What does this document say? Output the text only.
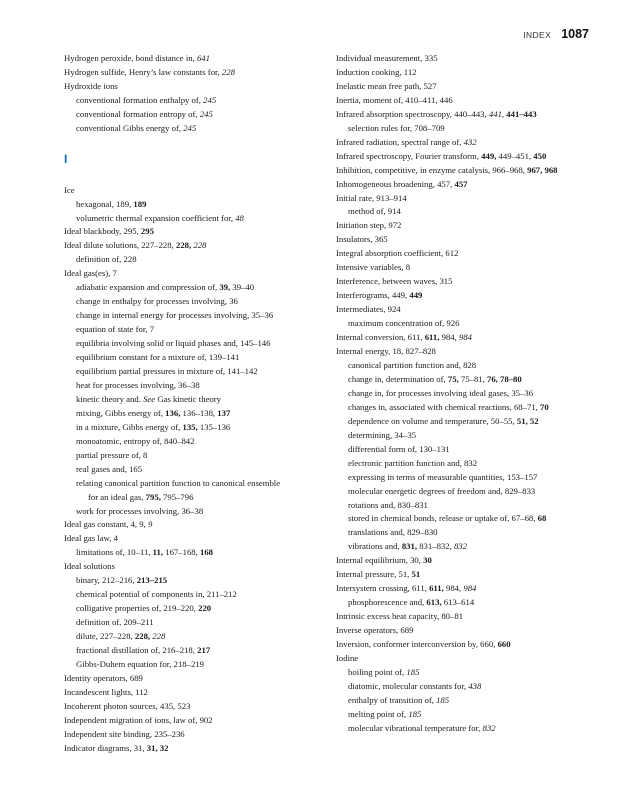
INDEX 1087
Hydrogen peroxide, bond distance in, 641
Hydrogen sulfide, Henry’s law constants for, 228
Hydroxide ions
conventional formation enthalpy of, 245
conventional formation entropy of, 245
conventional Gibbs energy of, 245
I
Ice
hexagonal, 189, 189
volumetric thermal expansion coefficient for, 48
Ideal blackbody, 295, 295
Ideal dilute solutions, 227–228, 228, 228
definition of, 228
Ideal gas(es), 7
adiabatic expansion and compression of, 39, 39–40
change in enthalpy for processes involving, 36
change in internal energy for processes involving, 35–36
equation of state for, 7
equilibria involving solid or liquid phases and, 145–146
equilibrium constant for a mixture of, 139–141
equilibrium partial pressures in mixture of, 141–142
heat for processes involving, 36–38
kinetic theory and. See Gas kinetic theory
mixing, Gibbs energy of, 136, 136–138, 137
in a mixture, Gibbs energy of, 135, 135–136
monoatomic, entropy of, 840–842
partial pressure of, 8
real gases and, 165
relating canonical partition function to canonical ensemble
for an ideal gas, 795, 795–796
work for processes involving, 36–38
Ideal gas constant, 4, 9, 9
Ideal gas law, 4
limitations of, 10–11, 11, 167–168, 168
Ideal solutions
binary, 212–216, 213–215
chemical potential of components in, 211–212
colligative properties of, 219–220, 220
definition of, 209–211
dilute, 227–228, 228, 228
fractional distillation of, 216–218, 217
Gibbs-Duhem equation for, 218–219
Identity operators, 689
Incandescent lights, 112
Incoherent photon sources, 435, 523
Independent migration of ions, law of, 902
Independent site binding, 235–236
Indicator diagrams, 31, 31, 32
Individual measurement, 335
Induction cooking, 112
Inelastic mean free path, 527
Inertia, moment of, 410–411, 446
Infrared absorption spectroscopy, 440–443, 441, 441–443
selection rules for, 708–709
Infrared radiation, spectral range of, 432
Infrared spectroscopy, Fourier transform, 449, 449–451, 450
Inhibition, competitive, in enzyme catalysis, 966–968, 967, 968
Inhomogeneous broadening, 457, 457
Initial rate, 913–914
method of, 914
Initiation step, 972
Insulators, 365
Integral absorption coefficient, 612
Intensive variables, 8
Interference, between waves, 315
Interferograms, 449, 449
Intermediates, 924
maximum concentration of, 926
Internal conversion, 611, 611, 984, 984
Internal energy, 18, 827–828
canonical partition function and, 828
change in, determination of, 75, 75–81, 76, 78–80
change in, for processes involving ideal gases, 35–36
changes in, associated with chemical reactions, 68–71, 70
dependence on volume and temperature, 50–55, 51, 52
determining, 34–35
differential form of, 130–131
electronic partition function and, 832
expressing in terms of measurable quantities, 153–157
molecular energetic degrees of freedom and, 829–833
rotations and, 830–831
stored in chemical bonds, release or uptake of, 67–68, 68
translations and, 829–830
vibrations and, 831, 831–832, 832
Internal equilibrium, 30, 30
Internal pressure, 51, 51
Intersystem crossing, 611, 611, 984, 984
phosphorescence and, 613, 613–614
Intrinsic excess heat capacity, 80–81
Inverse operators, 689
Inversion, conformer interconversion by, 660, 660
Iodine
boiling point of, 185
diatomic, molecular constants for, 438
enthalpy of transition of, 185
melting point of, 185
molecular vibrational temperature for, 832
